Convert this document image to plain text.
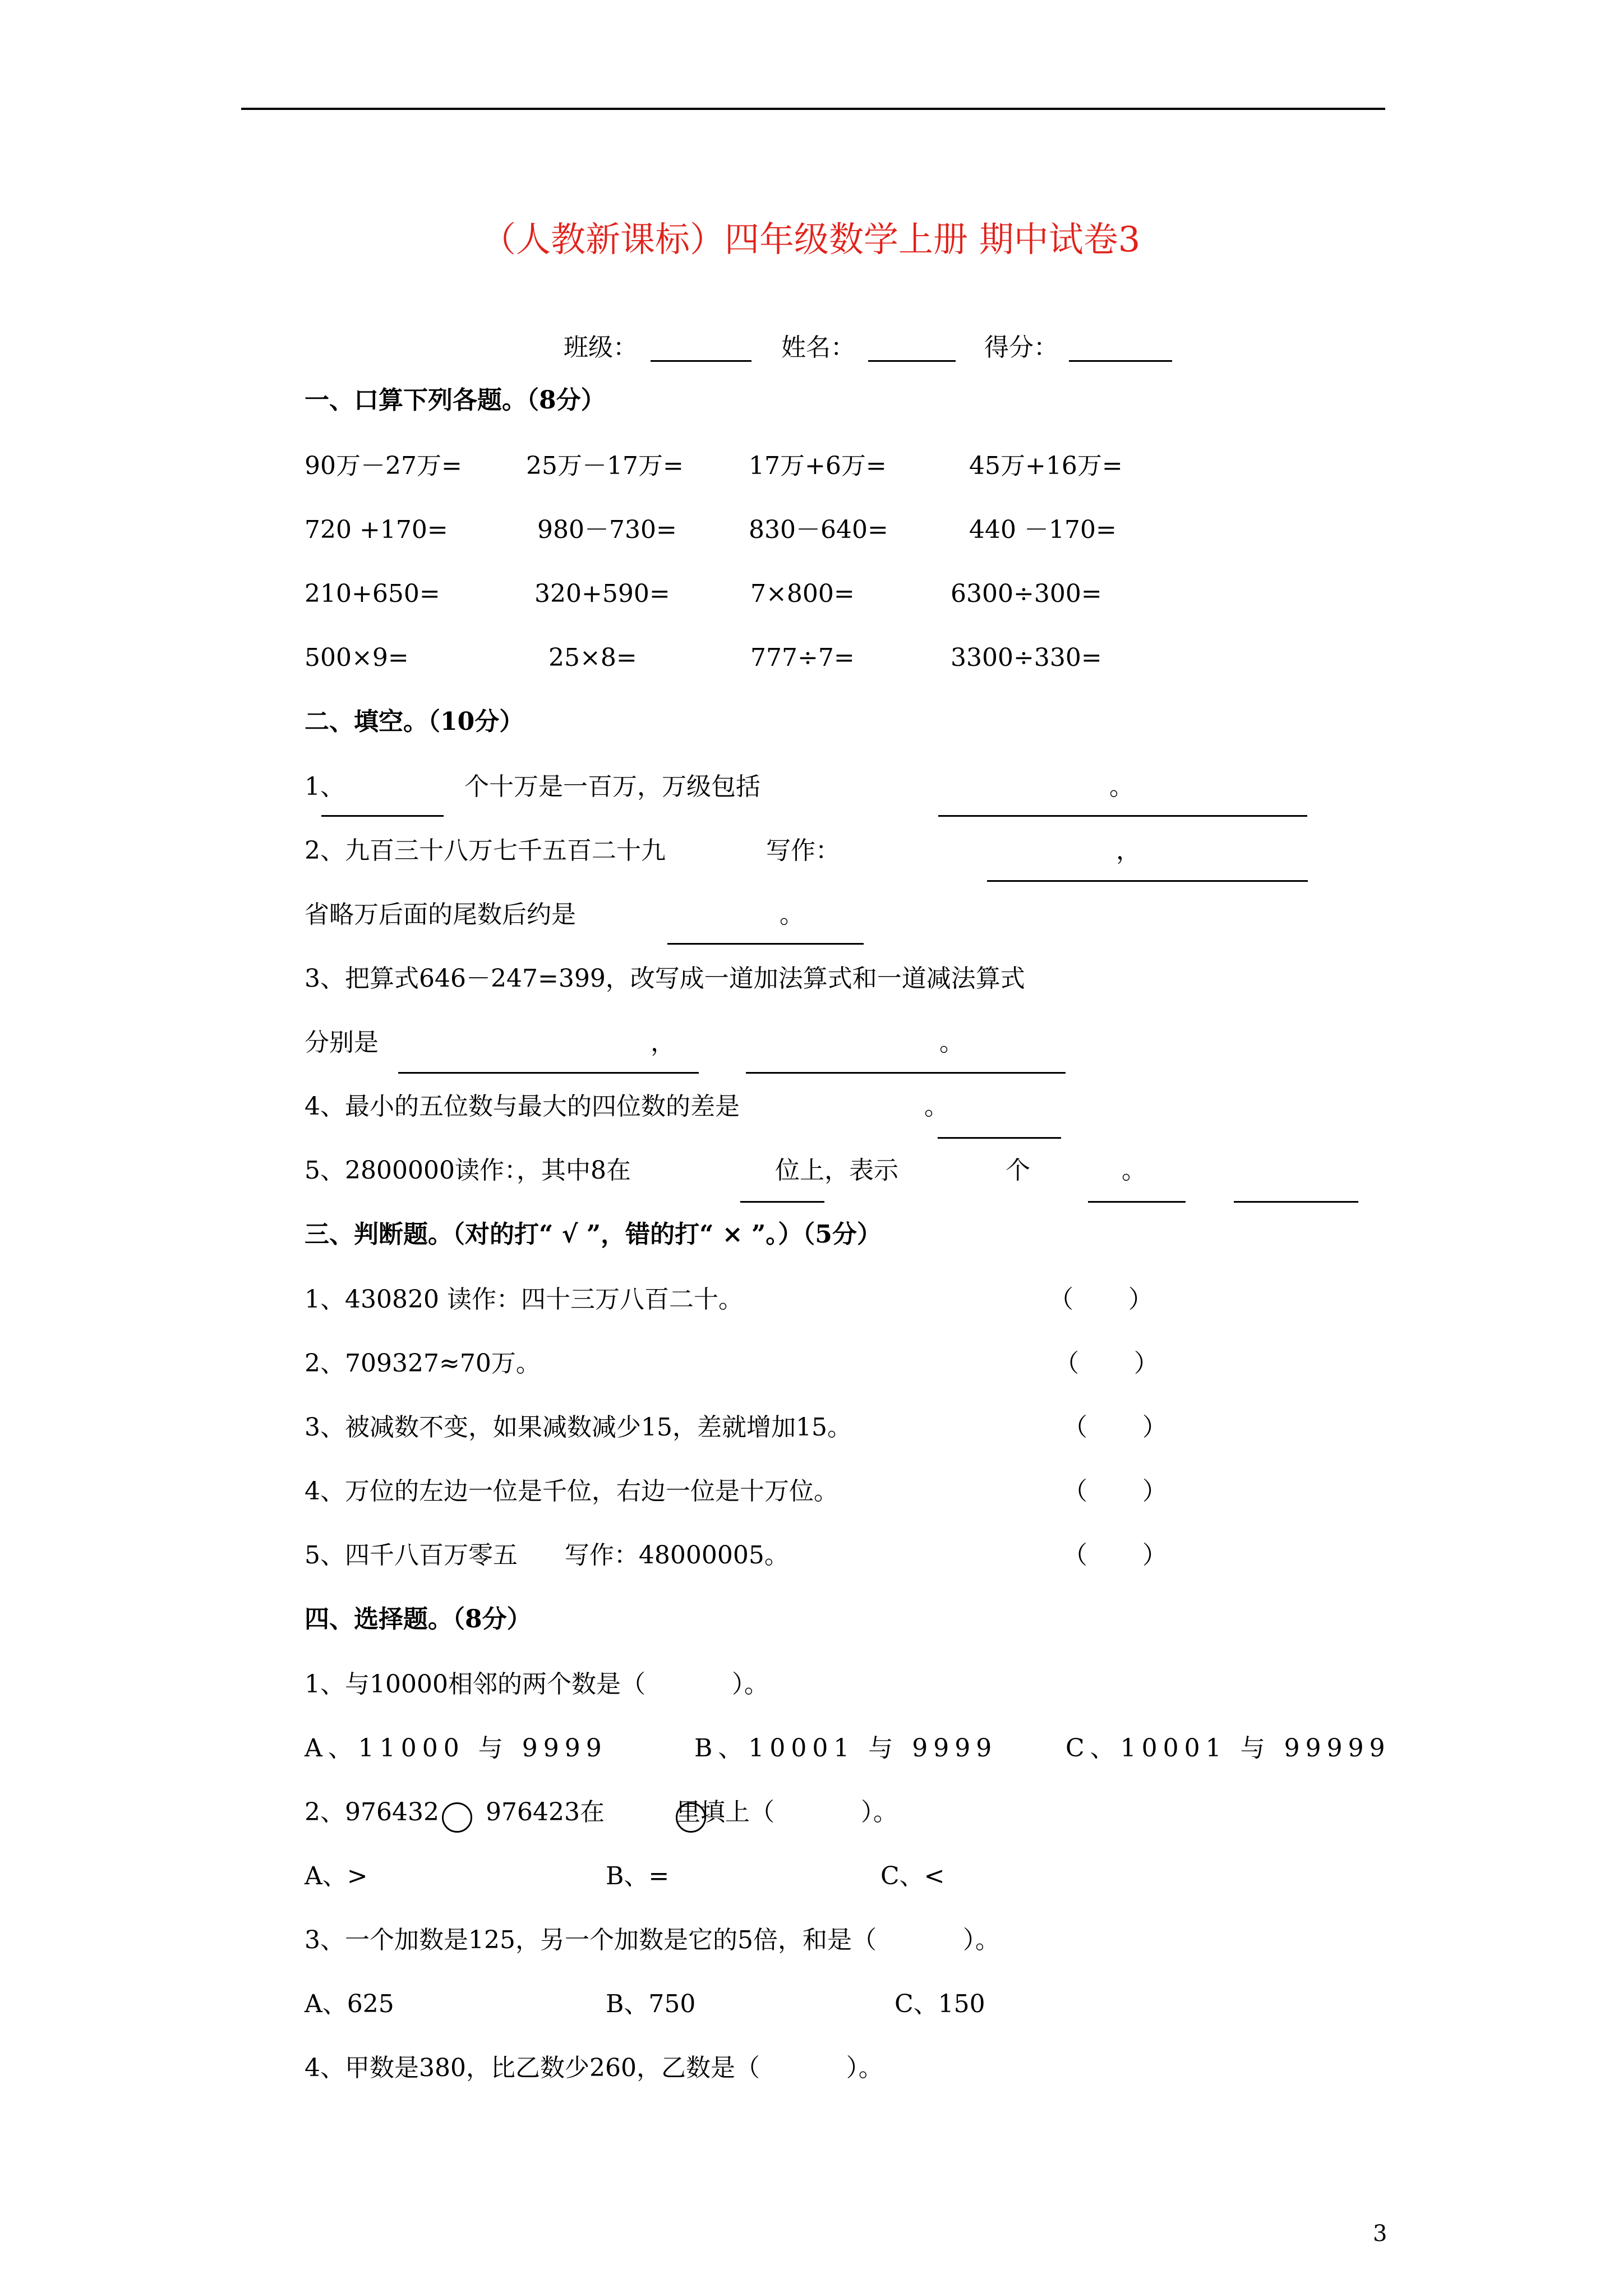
（人教新课标）四年级数学上册 期中试卷3
班级：	姓名：	得分：
一、口算下列各题。（8分）
90万－27万=	25万－17万=	17万+6万=	45万+16万=
720 +170=	980－730=	830－640=	440 －170=
210+650=	320+590=	7×800=	6300÷300=
500×9=	25×8=	777÷7=	3300÷330=
二、填空。（10分）
1、	个十万是一百万，万级包括	。
2、九百三十八万七千五百二十九	写作：	，
省略万后面的尾数后约是	。
3、把算式646－247=399，改写成一道加法算式和一道减法算式
分别是	，	。
4、最小的五位数与最大的四位数的差是	。
5、2800000读作：，其中8在	位上，表示	个	。
三、判断题。（对的打“ √ ”，错的打“ × ”。）（5分）
1、430820 读作：四十三万八百二十。	（       ）
2、709327≈70万。	（       ）
3、被减数不变，如果减数减少15，差就增加15。	（       ）
4、万位的左边一位是千位，右边一位是十万位。	（       ）
5、四千八百万零五      写作：48000005。	（       ）
四、选择题。（8分）
1、与10000相邻的两个数是（           ）。
A、11000 与 9999	B、10001 与 9999	C、10001 与 99999
2、976432 976423在	里填上（           ）。
A、>	B、=	C、<
3、一个加数是125，另一个加数是它的5倍，和是（           ）。
A、625	B、750	C、150
4、甲数是380，比乙数少260，乙数是（           ）。
3
